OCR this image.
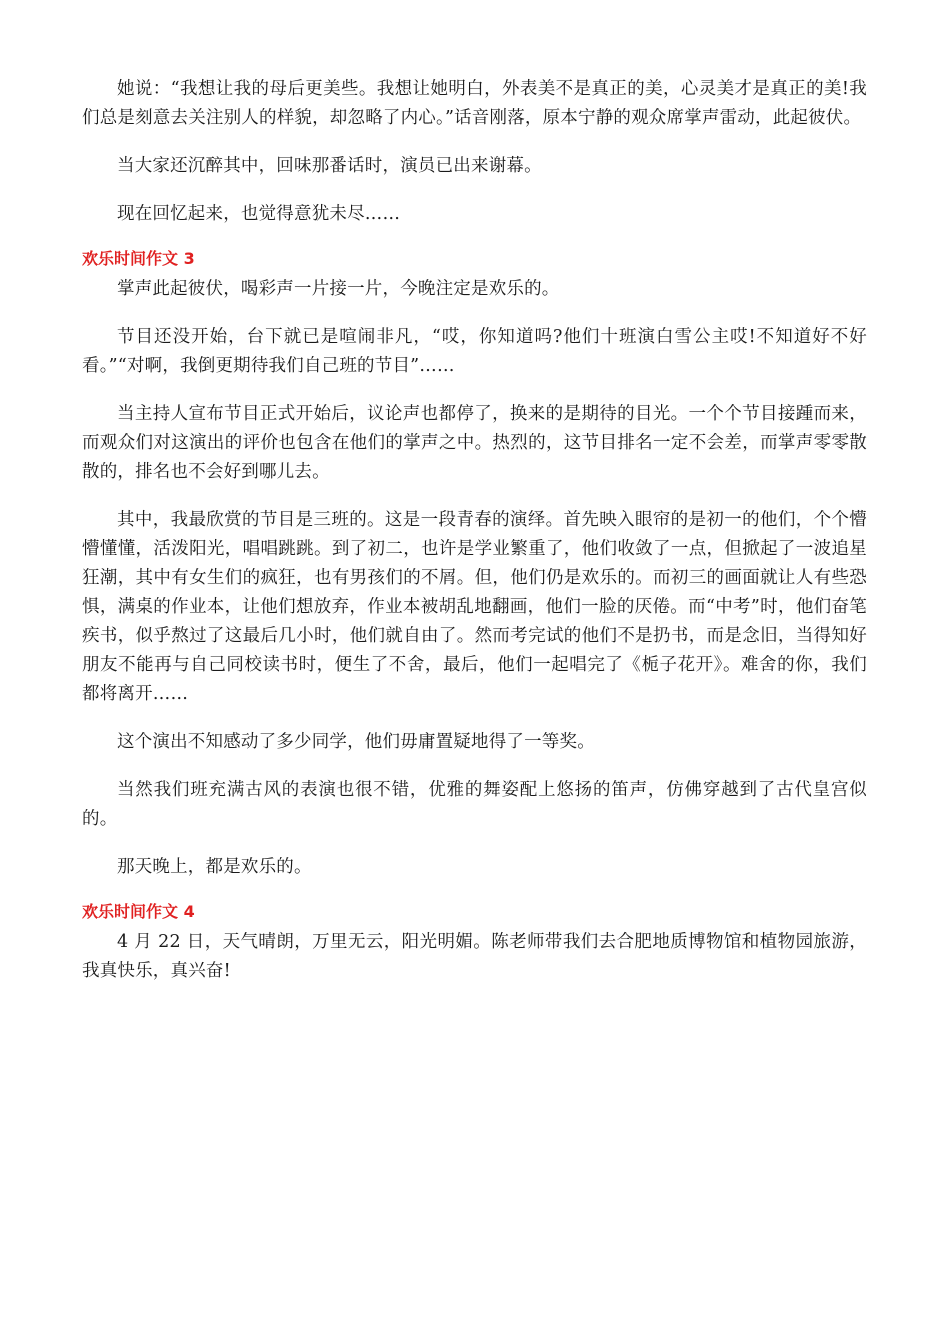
她说：“我想让我的母后更美些。我想让她明白，外表美不是真正的美，心灵美才是真正的美!我们总是刻意去关注别人的样貌，却忽略了内心。”话音刚落，原本宁静的观众席掌声雷动，此起彼伏。

当大家还沉醉其中，回味那番话时，演员已出来谢幕。

现在回忆起来，也觉得意犹未尽……

欢乐时间作文 3

掌声此起彼伏，喝彩声一片接一片，今晚注定是欢乐的。

节目还没开始，台下就已是喧闹非凡，“哎，你知道吗?他们十班演白雪公主哎!不知道好不好看。”“对啊，我倒更期待我们自己班的节目”……

当主持人宣布节目正式开始后，议论声也都停了，换来的是期待的目光。一个个节目接踵而来，而观众们对这演出的评价也包含在他们的掌声之中。热烈的，这节目排名一定不会差，而掌声零零散散的，排名也不会好到哪儿去。

其中，我最欣赏的节目是三班的。这是一段青春的演绎。首先映入眼帘的是初一的他们，个个懵懵懂懂，活泼阳光，唱唱跳跳。到了初二，也许是学业繁重了，他们收敛了一点，但掀起了一波追星狂潮，其中有女生们的疯狂，也有男孩们的不屑。但，他们仍是欢乐的。而初三的画面就让人有些恐惧，满桌的作业本，让他们想放弃，作业本被胡乱地翻画，他们一脸的厌倦。而“中考”时，他们奋笔疾书，似乎熬过了这最后几小时，他们就自由了。然而考完试的他们不是扔书，而是念旧，当得知好朋友不能再与自己同校读书时，便生了不舍，最后，他们一起唱完了《栀子花开》。难舍的你，我们都将离开……

这个演出不知感动了多少同学，他们毋庸置疑地得了一等奖。

当然我们班充满古风的表演也很不错，优雅的舞姿配上悠扬的笛声，仿佛穿越到了古代皇宫似的。

那天晚上，都是欢乐的。

欢乐时间作文 4

4 月 22 日，天气晴朗，万里无云，阳光明媚。陈老师带我们去合肥地质博物馆和植物园旅游，我真快乐，真兴奋!
